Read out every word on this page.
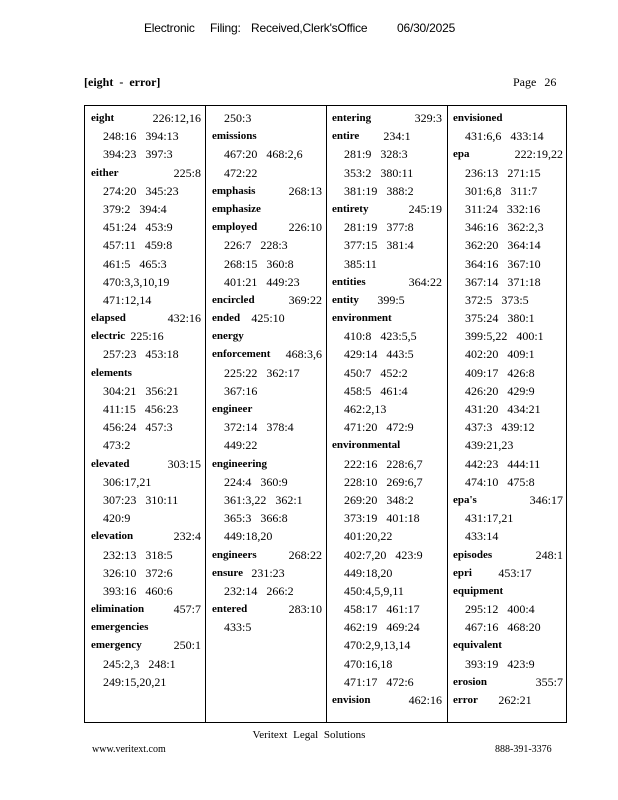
Electronic Filing: Received,Clerk'sOffice 06/30/2025
[eight - error]	Page 26
eight	226:12,16
248:16   394:13
394:23   397:3
either	225:8
274:20   345:23
379:2   394:4
451:24   453:9
457:11   459:8
461:5   465:3
470:3,3,10,19
471:12,14
elapsed	432:16
electric 225:16
257:23   453:18
elements
304:21   356:21
411:15   456:23
456:24   457:3
473:2
elevated	303:15
306:17,21
307:23   310:11
420:9
elevation	232:4
232:13   318:5
326:10   372:6
393:16   460:6
elimination 457:7
emergencies
250:1
emergency
245:2,3   248:1
249:15,20,21
250:3
emissions
467:20   468:2,6
472:22
emphasis	268:13
emphasize
226:10
employed
226:7   228:3
268:15   360:8
401:21   449:23
encircled	369:22
ended 425:10
energy
468:3,6
enforcement
225:22   362:17
367:16
engineer
372:14   378:4
449:22
engineering
224:4   360:9
361:3,22   362:1
365:3   366:8
449:18,20
engineers	268:22
ensure 231:23
232:14   266:2
entered	283:10
433:5
entering	329:3
entire 234:1
281:9   328:3
353:2   380:11
381:19   388:2
entirety	245:19
281:19   377:8
377:15   381:4
385:11
entities	364:22
entity 399:5
environment
410:8   423:5,5
429:14   443:5
450:7   452:2
458:5   461:4
462:2,13
471:20   472:9
environmental
222:16   228:6,7
228:10   269:6,7
269:20   348:2
373:19   401:18
401:20,22
402:7,20   423:9
449:18,20
450:4,5,9,11
458:17   461:17
462:19   469:24
470:2,9,13,14
470:16,18
471:17   472:6
envision	462:16
envisioned
431:6,6   433:14
epa	222:19,22
236:13   271:15
301:6,8   311:7
311:24   332:16
346:16   362:2,3
362:20   364:14
364:16   367:10
367:14   371:18
372:5   373:5
375:24   380:1
399:5,22   400:1
402:20   409:1
409:17   426:8
426:20   429:9
431:20   434:21
437:3   439:12
439:21,23
442:23   444:11
474:10   475:8
epa's	346:17
431:17,21
433:14
episodes	248:1
epri 453:17
equipment
295:12   400:4
467:16   468:20
equivalent
393:19   423:9
erosion	355:7
error 262:21
Veritext Legal Solutions
www.veritext.com	888-391-3376
